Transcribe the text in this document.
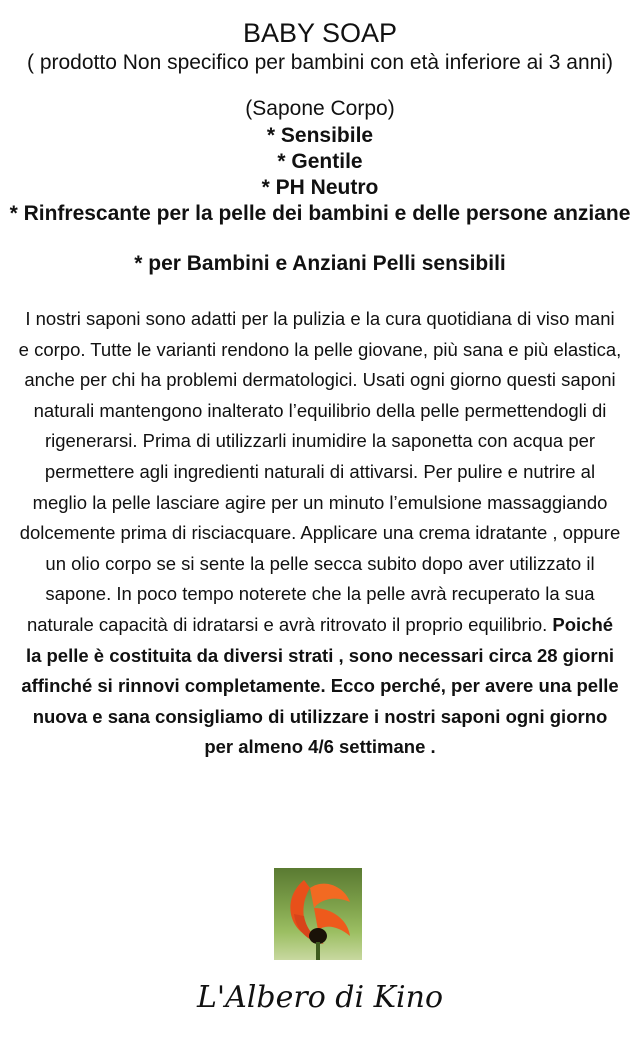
BABY SOAP
( prodotto Non specifico per bambini con età inferiore ai 3 anni)
(Sapone Corpo)
* Sensibile
* Gentile
* PH Neutro
* Rinfrescante per la pelle dei bambini e delle persone anziane
* per Bambini e Anziani Pelli sensibili
I nostri saponi sono adatti per la pulizia e la cura quotidiana di viso mani e corpo. Tutte le varianti rendono la pelle giovane, più sana e più elastica, anche per chi ha problemi dermatologici. Usati ogni giorno questi saponi naturali mantengono inalterato l’equilibrio della pelle permettendogli di rigenerarsi. Prima di utilizzarli inumidire la saponetta con acqua per permettere agli ingredienti naturali di attivarsi. Per pulire e nutrire al meglio la pelle lasciare agire per un minuto l’emulsione massaggiando dolcemente prima di risciacquare. Applicare una crema idratante , oppure un olio corpo se si sente la pelle secca subito dopo aver utilizzato il sapone. In poco tempo noterete che la pelle avrà recuperato la sua naturale capacità di idratarsi e avrà ritrovato il proprio equilibrio. Poiché la pelle è costituita da diversi strati , sono necessari circa 28 giorni affinché si rinnovi completamente. Ecco perché, per avere una pelle nuova e sana consigliamo di utilizzare i nostri saponi ogni giorno per almeno 4/6 settimane .
L'Albero di Kino
